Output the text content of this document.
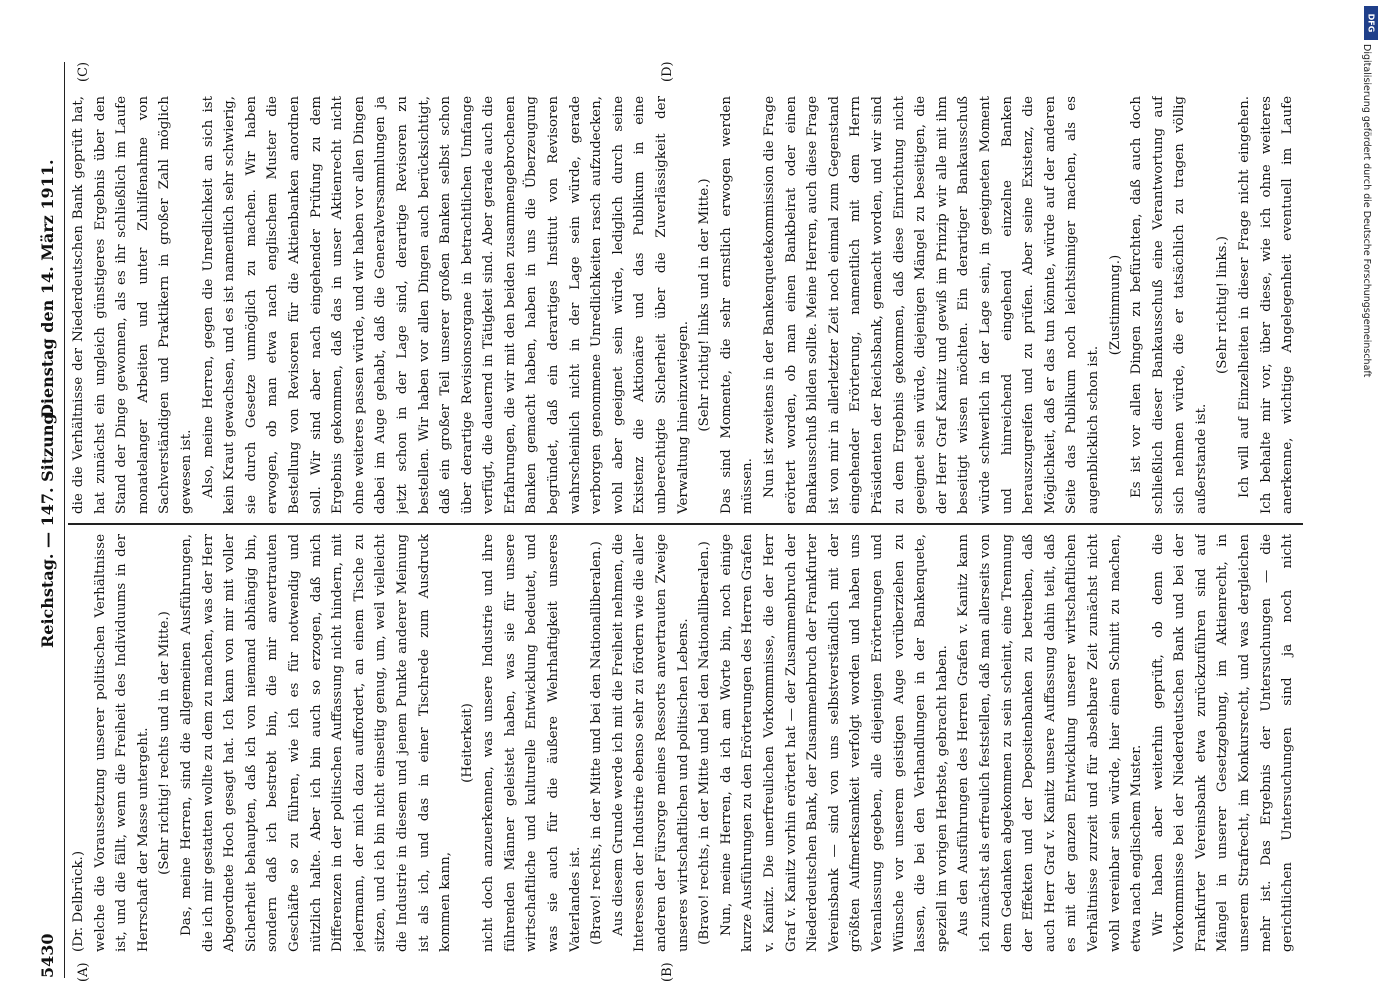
5430
Reichstag. — 147. Sitzung.
Dienstag den 14. März 1911.
(A)	(B)
(C)	(D)

(Dr. Delbrück.) welche die Voraussetzung unserer politischen Verhältnisse ist, und die fällt, wenn die Freiheit des Individuums in der Herrschaft der Masse untergeht. (Sehr richtig! rechts und in der Mitte.) Das, meine Herren, sind die allgemeinen Ausführungen, die ich mir gestatten wollte zu dem zu machen, was der Herr Abgeordnete Hoch gesagt hat. Ich kann von mir mit voller Sicherheit behaupten, daß ich von niemand abhängig bin, sondern daß ich bestrebt bin, die mir anvertrauten Geschäfte so zu führen, wie ich es für notwendig und nützlich halte. Aber ich bin auch so erzogen, daß mich Differenzen in der politischen Auffassung nicht hindern, mit jedermann, der mich dazu auffordert, an einem Tische zu sitzen, und ich bin nicht einseitig genug, um, weil vielleicht die Industrie in diesem und jenem Punkte anderer Meinung ist als ich, und das in einer Tischrede zum Ausdruck kommen kann,

(Heiterkeit) nicht doch anzuerkennen, was unsere Industrie und ihre führenden Männer geleistet haben, was sie für unsere wirtschaftliche und kulturelle Entwicklung bedeutet, und was sie auch für die äußere Wehrhaftigkeit unseres Vaterlandes ist. (Bravo! rechts, in der Mitte und bei den Nationalliberalen.) Aus diesem Grunde werde ich mit die Freiheit nehmen, die Interessen der Industrie ebenso sehr zu fördern wie die aller anderen der Fürsorge meines Ressorts anvertrauten Zweige unseres wirtschaftlichen und politischen Lebens. (Bravo! rechts, in der Mitte und bei den Nationalliberalen.) Nun, meine Herren, da ich am Worte bin, noch einige kurze Ausführungen zu den Erörterungen des Herren Grafen v. Kanitz. Die unerfreulichen Vorkommnisse, die der Herr Graf v. Kanitz vorhin erörtert hat — der Zusammenbruch der Niederdeutschen Bank, der Zusammenbruch der Frankfurter Vereinsbank — sind von uns selbstverständlich mit der größten Aufmerksamkeit verfolgt worden und haben uns Veranlassung gegeben, alle diejenigen Erörterungen und Wünsche vor unserem geistigen Auge vorüberziehen zu lassen, die bei den Verhandlungen in der Bankenquete, speziell im vorigen Herbste, gebracht haben. Aus den Ausführungen des Herren Grafen v. Kanitz kann ich zunächst als erfreulich feststellen, daß man allerseits von dem Gedanken abgekommen zu sein scheint, eine Trennung der Effekten und der Depositenbanken zu betreiben, daß auch Herr Graf v. Kanitz unsere Auffassung dahin teilt, daß es mit der ganzen Entwicklung unserer wirtschaftlichen Verhältnisse zurzeit und für absehbare Zeit zunächst nicht wohl vereinbar sein würde, hier einen Schnitt zu machen, etwa nach englischem Muster. Wir haben aber weiterhin geprüft, ob denn die Vorkommnisse bei der Niederdeutschen Bank und bei der Frankfurter Vereinsbank etwa zurückzuführen sind auf Mängel in unserer Gesetzgebung, im Aktienrecht, in unserem Strafrecht, im Konkursrecht, und was dergleichen mehr ist. Das Ergebnis der Untersuchungen — die gerichtlichen Untersuchungen sind ja noch nicht

die die Verhältnisse der Niederdeutschen Bank geprüft hat, hat zunächst ein ungleich günstigeres Ergebnis über den Stand der Dinge gewonnen, als es ihr schließlich im Laufe monatelanger Arbeiten und unter Zuhilfenahme von Sachverständigen und Praktikern in großer Zahl möglich gewesen ist. Also, meine Herren, gegen die Unredlichkeit an sich ist kein Kraut gewachsen, und es ist namentlich sehr schwierig, sie durch Gesetze unmöglich zu machen. Wir haben erwogen, ob man etwa nach englischem Muster die Bestellung von Revisoren für die Aktienbanken anordnen soll. Wir sind aber nach eingehender Prüfung zu dem Ergebnis gekommen, daß das in unser Aktienrecht nicht ohne weiteres passen würde, und wir haben vor allen Dingen dabei im Auge gehabt, daß die Generalversammlungen ja jetzt schon in der Lage sind, derartige Revisoren zu bestellen. Wir haben vor allen Dingen auch berücksichtigt, daß ein großer Teil unserer großen Banken selbst schon über derartige Revisionsorgane in betrachtlichen Umfange verfügt, die dauernd in Tätigkeit sind. Aber gerade auch die Erfahrungen, die wir mit den beiden zusammengebrochenen Banken gemacht haben, haben in uns die Überzeugung begründet, daß ein derartiges Institut von Revisoren wahrscheinlich nicht in der Lage sein würde, gerade verborgen genommene Unredlichkeiten rasch aufzudecken, wohl aber geeignet sein würde, lediglich durch seine Existenz die Aktionäre und das Publikum in eine unberechtigte Sicherheit über die Zuverlässigkeit der Verwaltung hineinzuwiegen. (Sehr richtig! links und in der Mitte.) Das sind Momente, die sehr ernstlich erwogen werden müssen. Nun ist zweitens in der Bankenquetekommission die Frage erörtert worden, ob man einen Bankbeirat oder einen Bankausschuß bilden sollte. Meine Herren, auch diese Frage ist von mir in allerletzter Zeit noch einmal zum Gegenstand eingehender Erörterung, namentlich mit dem Herrn Präsidenten der Reichsbank, gemacht worden, und wir sind zu dem Ergebnis gekommen, daß diese Einrichtung nicht geeignet sein würde, diejenigen Mängel zu beseitigen, die der Herr Graf Kanitz und gewiß im Prinzip wir alle mit ihm beseitigt wissen möchten. Ein derartiger Bankausschuß würde schwerlich in der Lage sein, in geeigneten Moment und hinreichend eingehend einzelne Banken herauszugreifen und zu prüfen. Aber seine Existenz, die Möglichkeit, daß er das tun könnte, würde auf der anderen Seite das Publikum noch leichtsinniger machen, als es augenblicklich schon ist.

(Zustimmung.) Es ist vor allen Dingen zu befürchten, daß auch doch schließlich dieser Bankausschuß eine Verantwortung auf sich nehmen würde, die er tatsächlich zu tragen völlig außerstande ist.

(Sehr richtig! links.)

Ich will auf Einzelheiten in dieser Frage nicht eingehen. Ich behalte mir vor, über diese, wie ich ohne weiteres anerkenne, wichtige Angelegenheit eventuell im Laufe

DFG
Digitalisierung gefördert durch die Deutsche Forschungsgemeinschaft
